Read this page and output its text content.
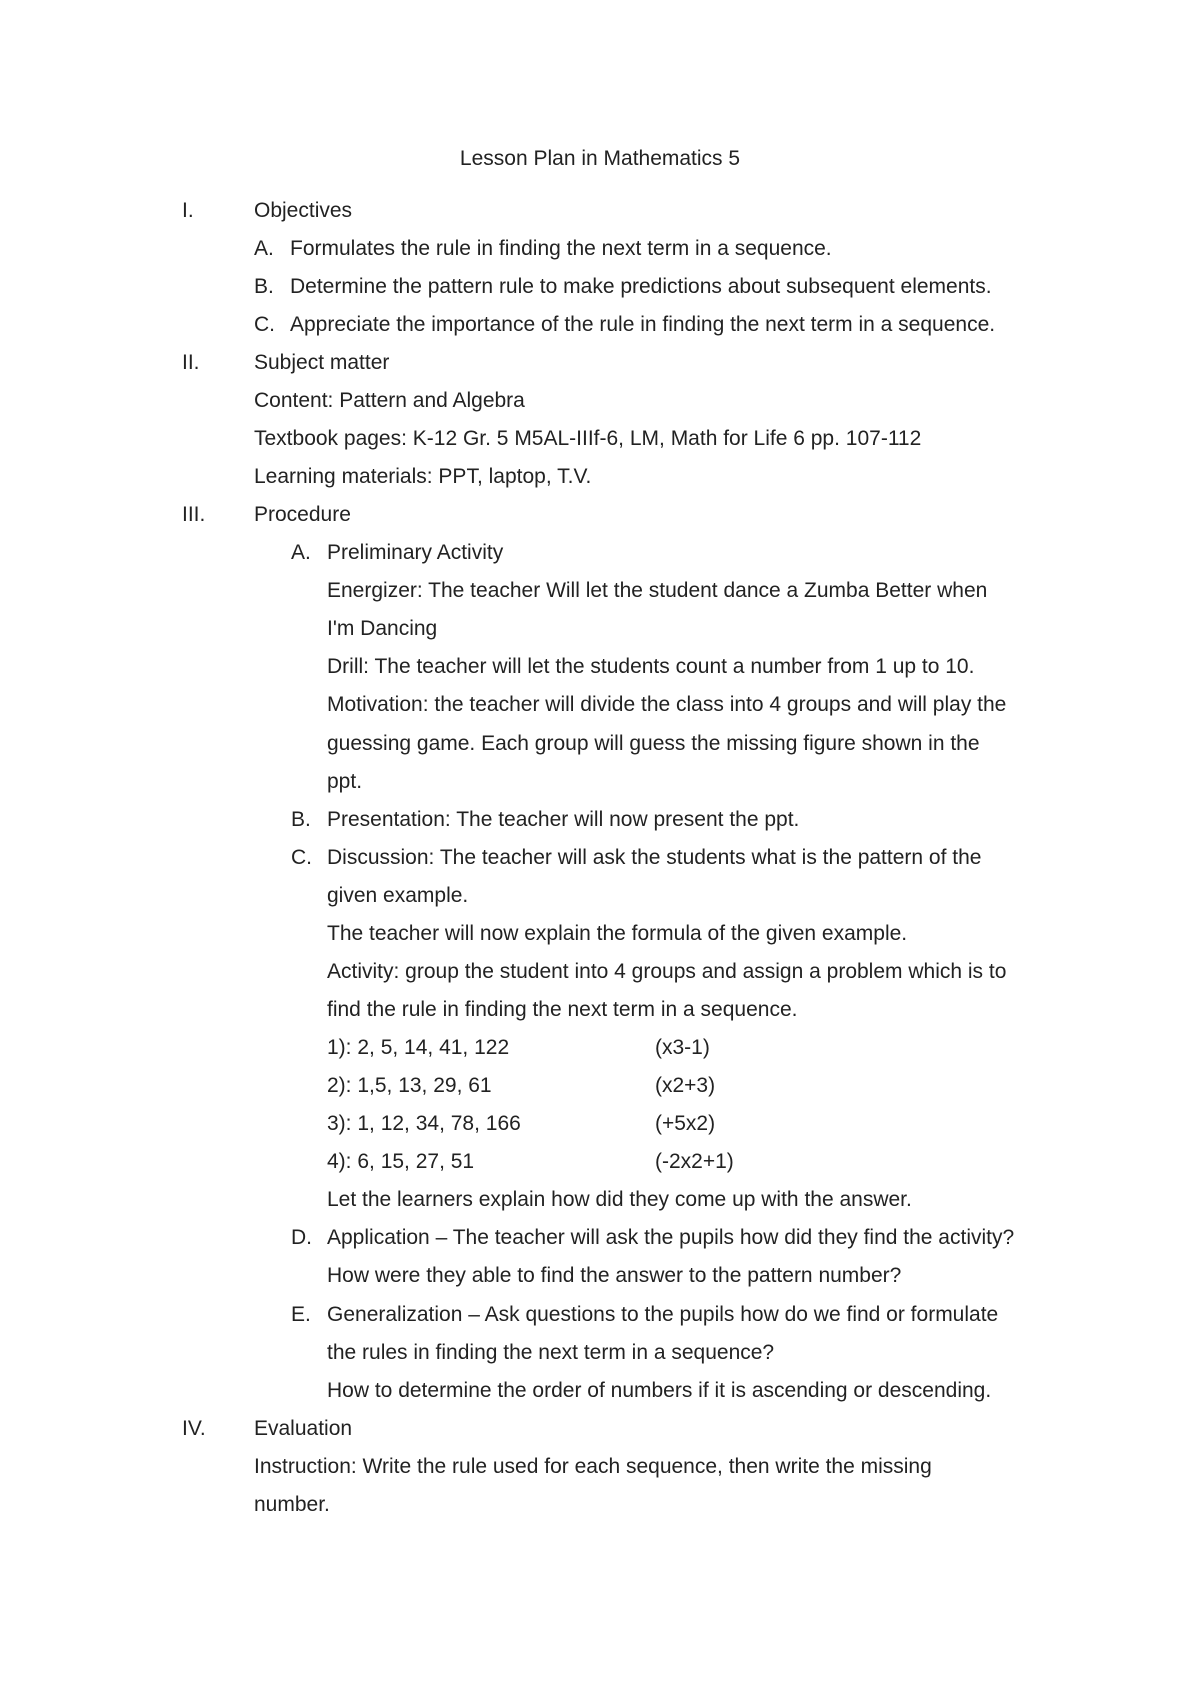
Lesson Plan in Mathematics 5
I.	Objectives
A. Formulates the rule in finding the next term in a sequence.
B. Determine the pattern rule to make predictions about subsequent elements.
C. Appreciate the importance of the rule in finding the next term in a sequence.
II.	Subject matter
Content: Pattern and Algebra
Textbook pages: K-12 Gr. 5 M5AL-IIIf-6, LM, Math for Life 6 pp. 107-112
Learning materials: PPT, laptop, T.V.
III. Procedure
A. Preliminary Activity
Energizer: The teacher Will let the student dance a Zumba Better when
I'm Dancing
Drill: The teacher will let the students count a number from 1 up to 10.
Motivation: the teacher will divide the class into 4 groups and will play the
guessing game. Each group will guess the missing figure shown in the
ppt.
B. Presentation: The teacher will now present the ppt.
C. Discussion: The teacher will ask the students what is the pattern of the
given example.
The teacher will now explain the formula of the given example.
Activity: group the student into 4 groups and assign a problem which is to
find the rule in finding the next term in a sequence.
1): 2, 5, 14, 41, 122	(x3-1)
2): 1,5, 13, 29, 61	(x2+3)
3): 1, 12, 34, 78, 166	(+5x2)
4): 6, 15, 27, 51	(-2x2+1)
Let the learners explain how did they come up with the answer.
D. Application – The teacher will ask the pupils how did they find the activity?
How were they able to find the answer to the pattern number?
E. Generalization – Ask questions to the pupils how do we find or formulate
the rules in finding the next term in a sequence?
How to determine the order of numbers if it is ascending or descending.
IV. Evaluation
Instruction: Write the rule used for each sequence, then write the missing
number.
